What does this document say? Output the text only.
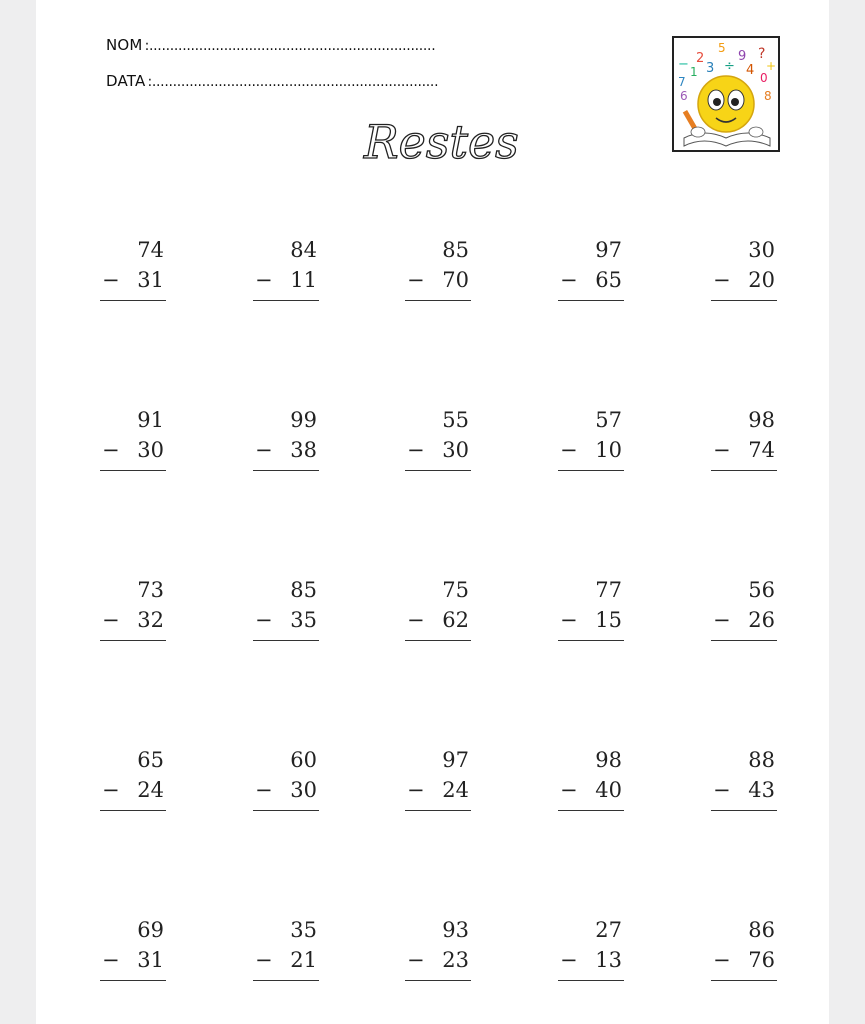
NOM :.....................................................................
DATA :.....................................................................
Restes
2
5
9 ?
1 3 ÷ 4 0
7
6	8
−	+
74
− 31
84
− 11
85
− 70
97
− 65
30
− 20
91
− 30
99
− 38
55
− 30
57
− 10
98
− 74
73
− 32
85
− 35
75
− 62
77
− 15
56
− 26
65
− 24
60
− 30
97
− 24
98
− 40
88
− 43
69
− 31
35
− 21
93
− 23
27
− 13
86
− 76
